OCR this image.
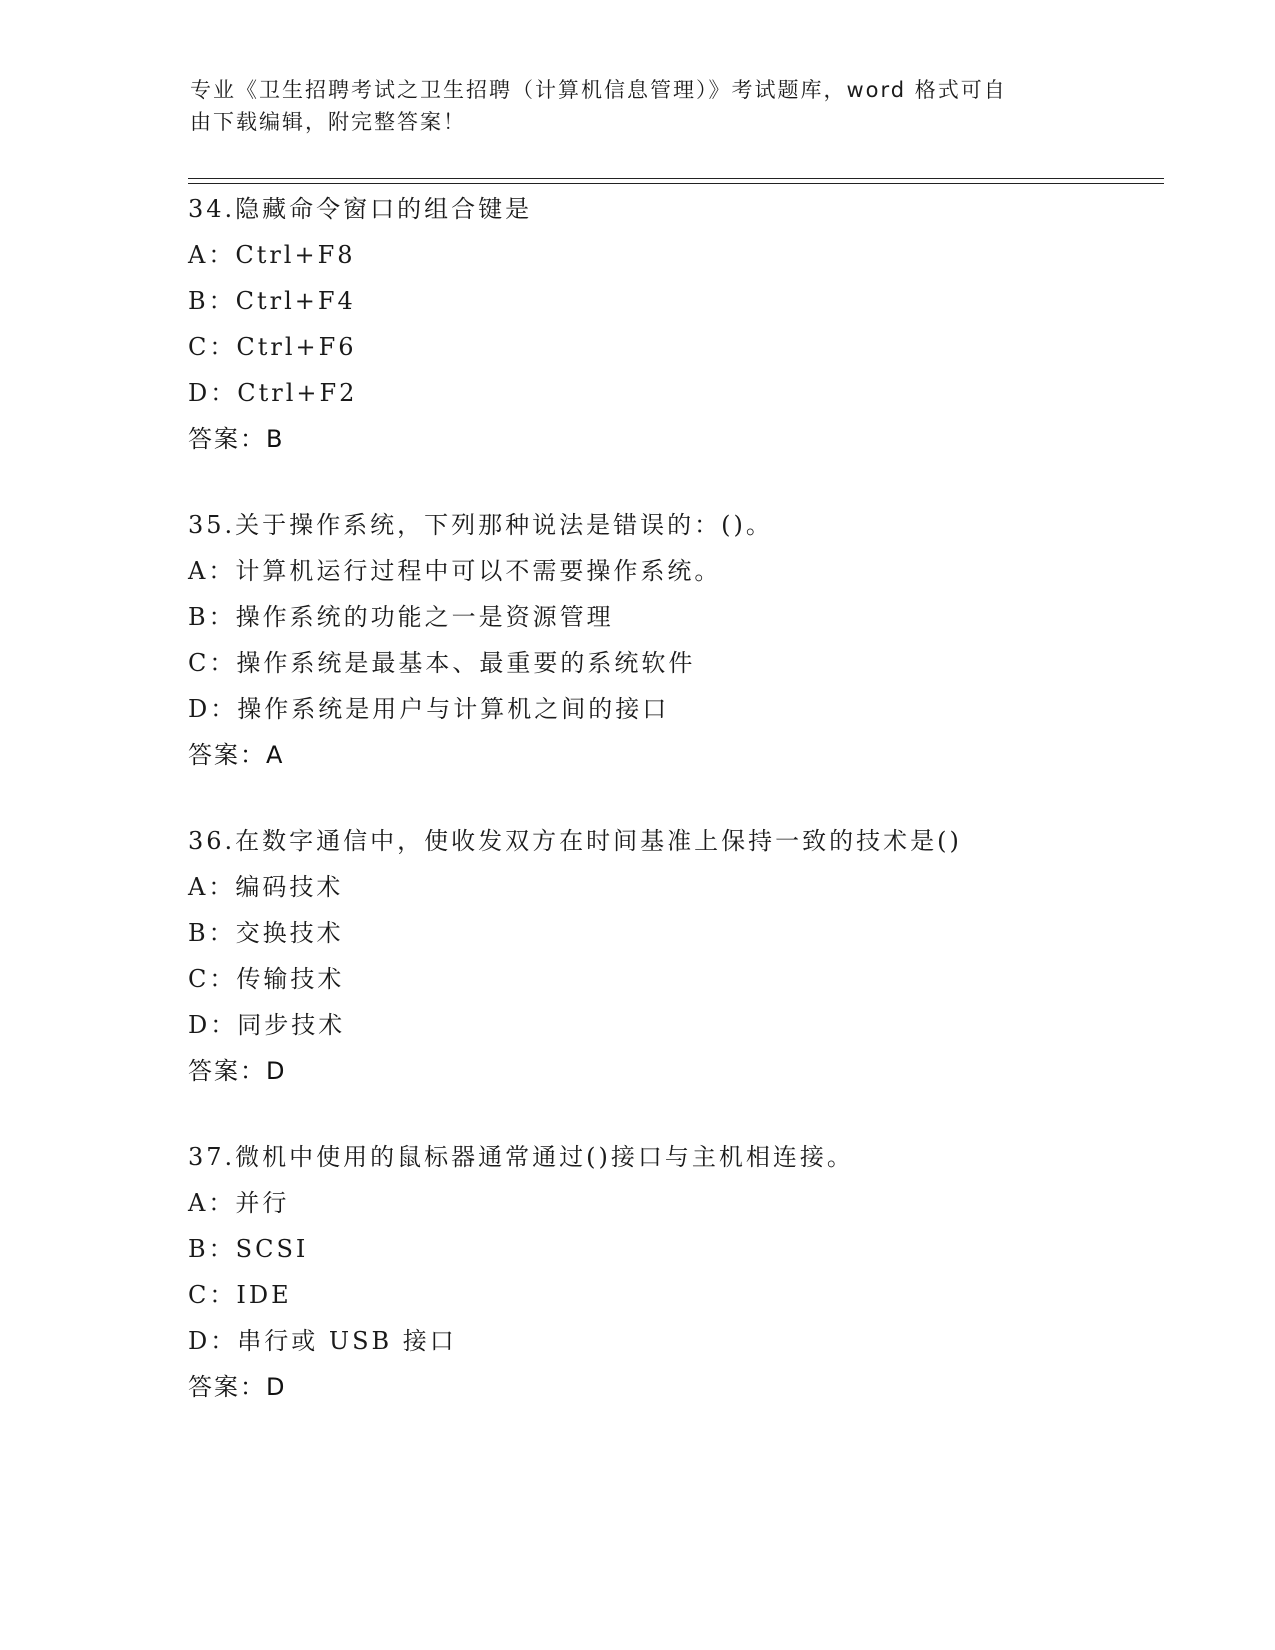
专业《卫生招聘考试之卫生招聘（计算机信息管理）》考试题库，word 格式可自
由下载编辑，附完整答案！
34.隐藏命令窗口的组合键是
A：Ctrl+F8
B：Ctrl+F4
C：Ctrl+F6
D：Ctrl+F2
答案：B
35.关于操作系统，下列那种说法是错误的：()。
A：计算机运行过程中可以不需要操作系统。
B：操作系统的功能之一是资源管理
C：操作系统是最基本、最重要的系统软件
D：操作系统是用户与计算机之间的接口
答案：A
36.在数字通信中，使收发双方在时间基准上保持一致的技术是()
A：编码技术
B：交换技术
C：传输技术
D：同步技术
答案：D
37.微机中使用的鼠标器通常通过()接口与主机相连接。
A：并行
B：SCSI
C：IDE
D：串行或 USB 接口
答案：D
